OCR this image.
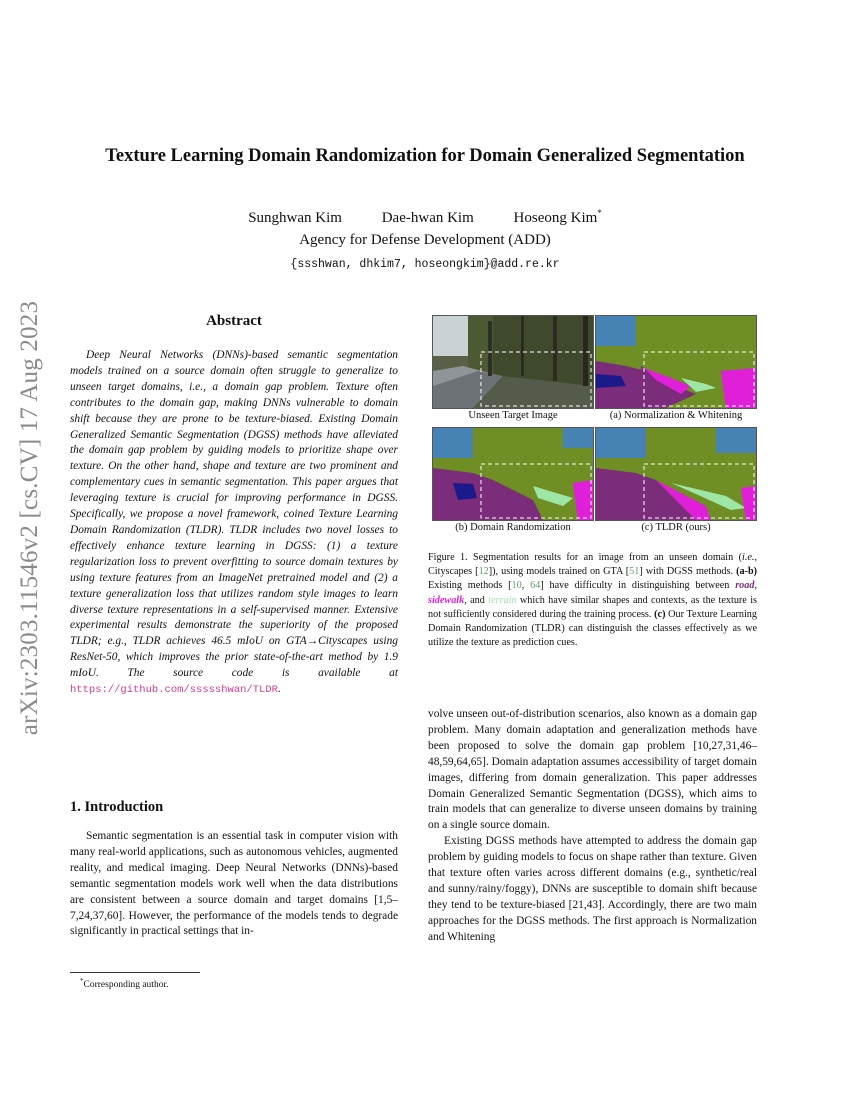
arXiv:2303.11546v2 [cs.CV] 17 Aug 2023
Texture Learning Domain Randomization for Domain Generalized Segmentation
Sunghwan Kim	Dae-hwan Kim	Hoseong Kim*
Agency for Defense Development (ADD)
{ssshwan, dhkim7, hoseongkim}@add.re.kr
Abstract

Deep Neural Networks (DNNs)-based semantic segmentation models trained on a source domain often struggle to generalize to unseen target domains, i.e., a domain gap problem. Texture often contributes to the domain gap, making DNNs vulnerable to domain shift because they are prone to be texture-biased. Existing Domain Generalized Semantic Segmentation (DGSS) methods have alleviated the domain gap problem by guiding models to prioritize shape over texture. On the other hand, shape and texture are two prominent and complementary cues in semantic segmentation. This paper argues that leveraging texture is crucial for improving performance in DGSS. Specifically, we propose a novel framework, coined Texture Learning Domain Randomization (TLDR). TLDR includes two novel losses to effectively enhance texture learning in DGSS: (1) a texture regularization loss to prevent overfitting to source domain textures by using texture features from an ImageNet pretrained model and (2) a texture generalization loss that utilizes random style images to learn diverse texture representations in a self-supervised manner. Extensive experimental results demonstrate the superiority of the proposed TLDR; e.g., TLDR achieves 46.5 mIoU on GTA→Cityscapes using ResNet-50, which improves the prior state-of-the-art method by 1.9 mIoU. The source code is available at https://github.com/ssssshwan/TLDR.

1. Introduction

Semantic segmentation is an essential task in computer vision with many real-world applications, such as autonomous vehicles, augmented reality, and medical imaging. Deep Neural Networks (DNNs)-based semantic segmentation models work well when the data distributions are consistent between a source domain and target domains [1,5–7,24,37,60]. However, the performance of the models tends to degrade significantly in practical settings that in-

*Corresponding author.
Unseen Target Image	(a) Normalization & Whitening
(b) Domain Randomization	(c) TLDR (ours)

Figure 1. Segmentation results for an image from an unseen domain (i.e., Cityscapes [12]), using models trained on GTA [51] with DGSS methods. (a-b) Existing methods [10, 64] have difficulty in distinguishing between road, sidewalk, and terrain which have similar shapes and contexts, as the texture is not sufficiently considered during the training process. (c) Our Texture Learning Domain Randomization (TLDR) can distinguish the classes effectively as we utilize the texture as prediction cues.

volve unseen out-of-distribution scenarios, also known as a domain gap problem. Many domain adaptation and generalization methods have been proposed to solve the domain gap problem [10,27,31,46–48,59,64,65]. Domain adaptation assumes accessibility of target domain images, differing from domain generalization. This paper addresses Domain Generalized Semantic Segmentation (DGSS), which aims to train models that can generalize to diverse unseen domains by training on a single source domain.

Existing DGSS methods have attempted to address the domain gap problem by guiding models to focus on shape rather than texture. Given that texture often varies across different domains (e.g., synthetic/real and sunny/rainy/foggy), DNNs are susceptible to domain shift because they tend to be texture-biased [21,43]. Accordingly, there are two main approaches for the DGSS methods. The first approach is Normalization and Whitening
